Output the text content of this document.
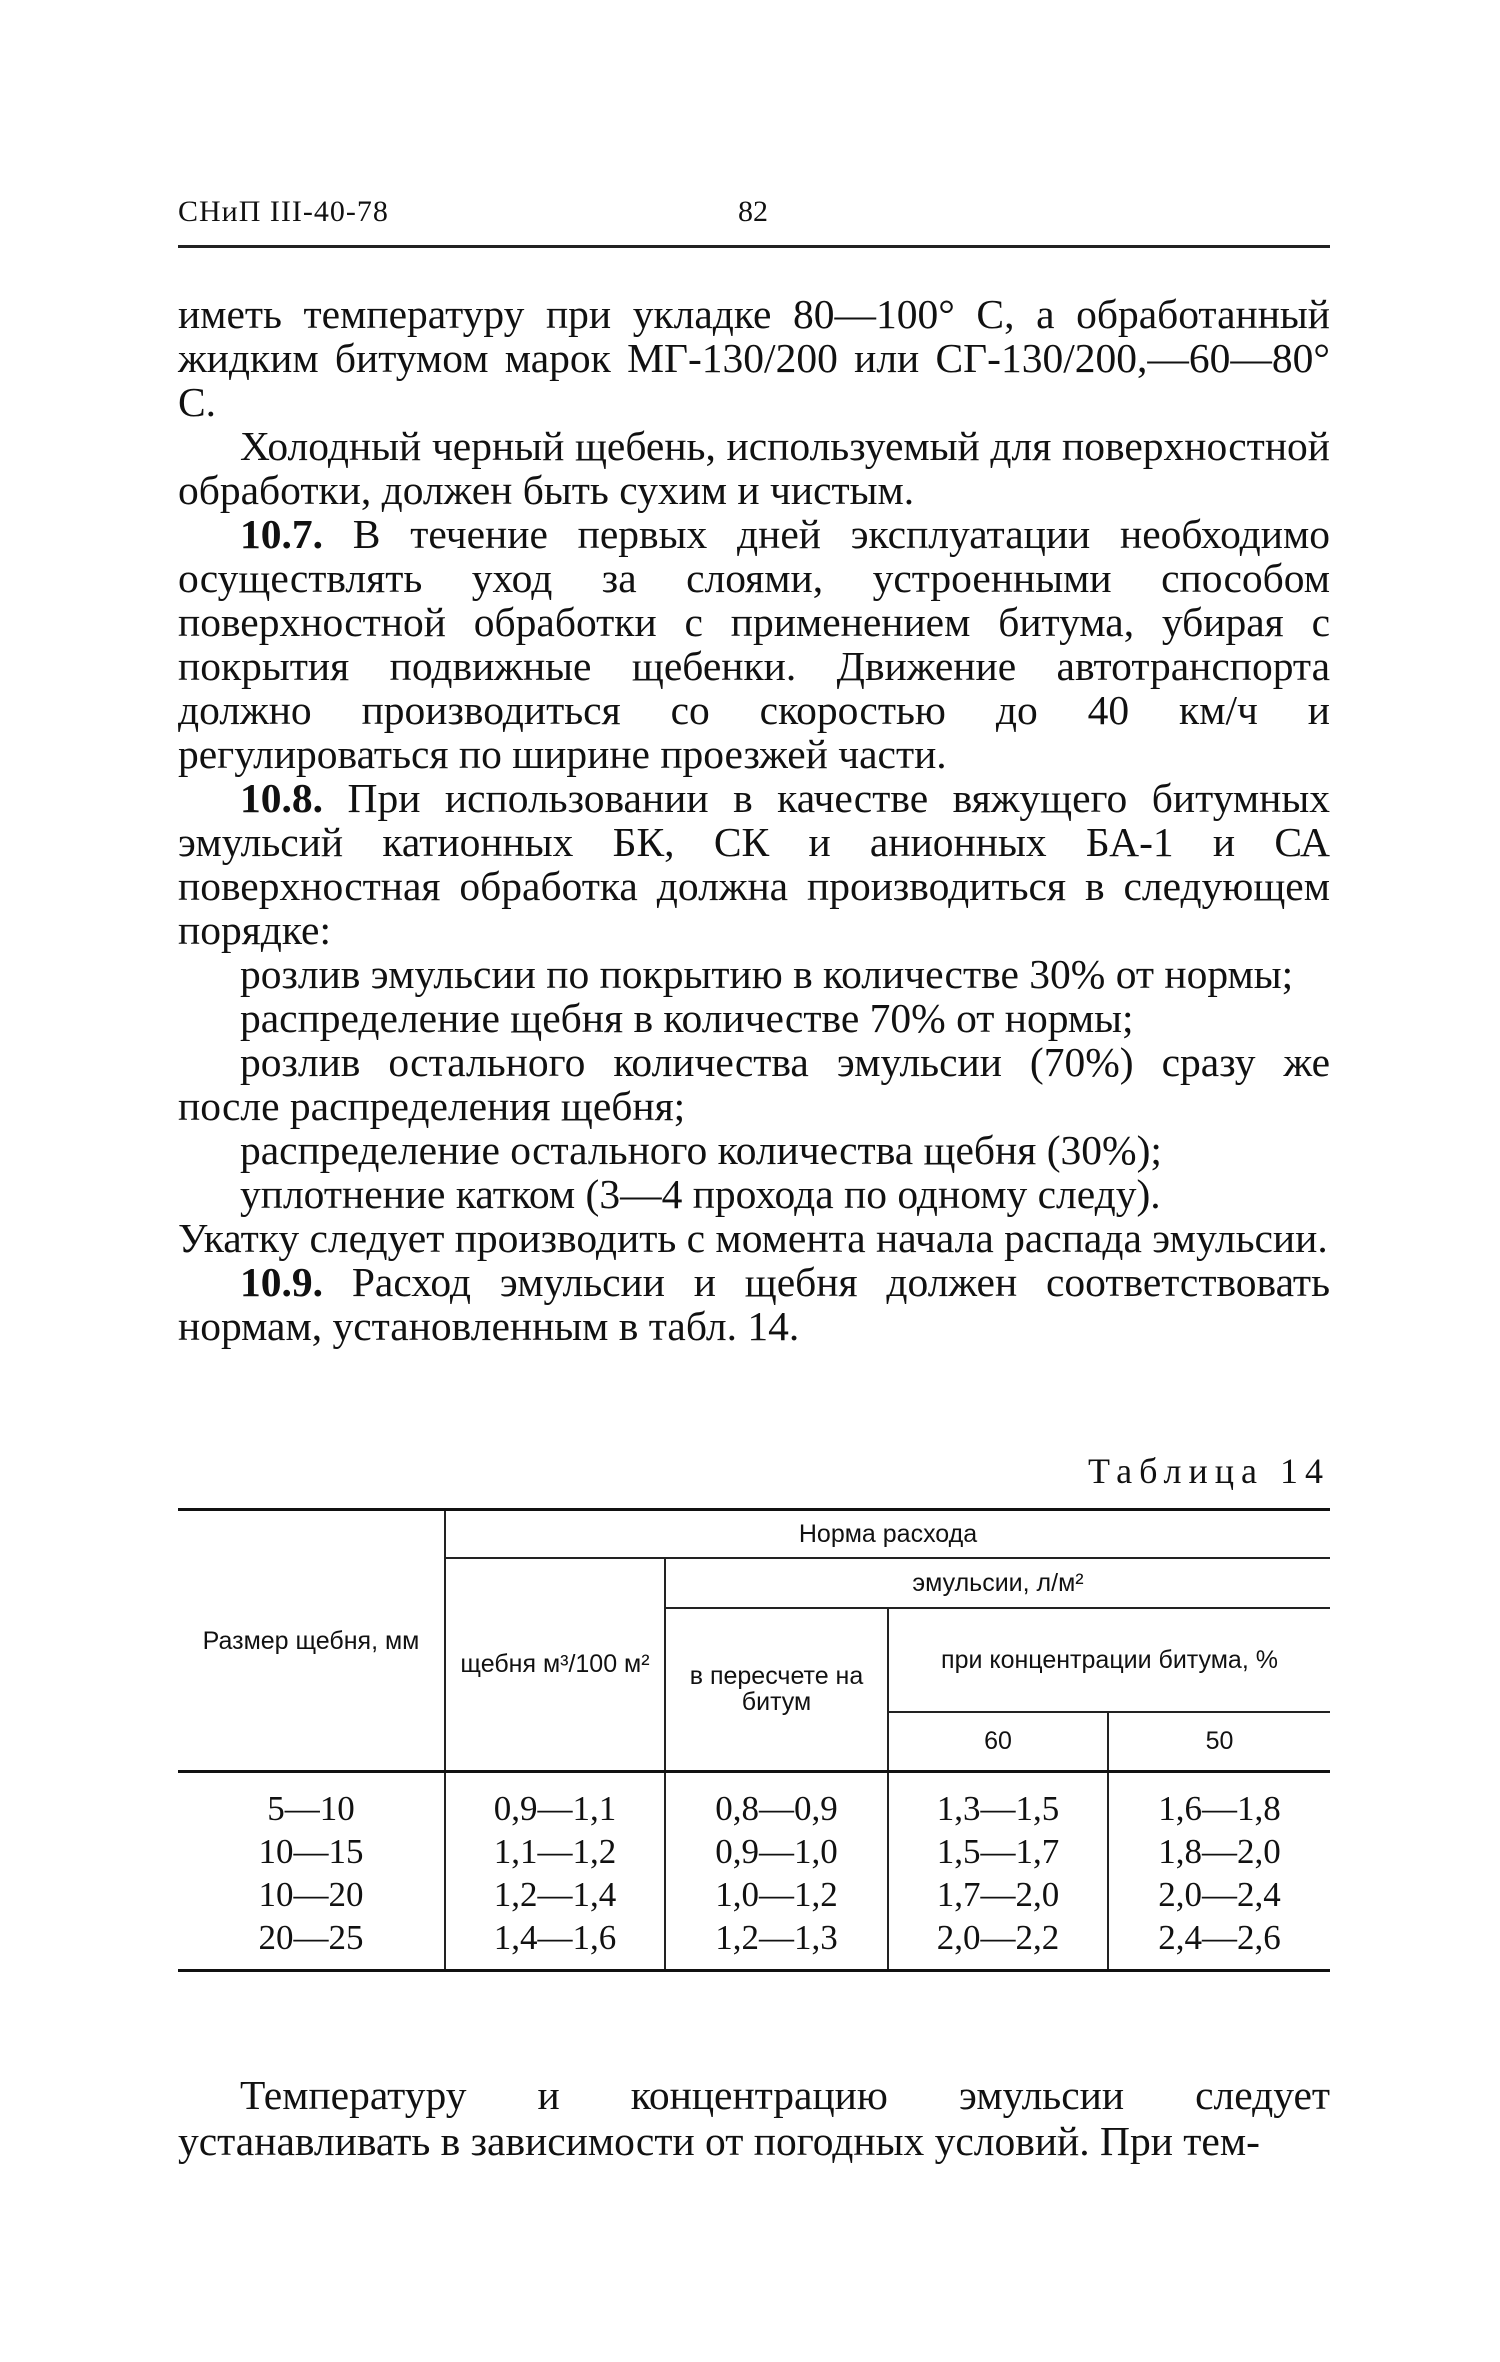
СНиП III-40-78	82

иметь температуру при укладке 80—100° С, а обработанный жидким битумом марок МГ-130/200 или СГ-130/200,—60—80° С.

Холодный черный щебень, используемый для поверхностной обработки, должен быть сухим и чистым.

10.7. В течение первых дней эксплуатации необходимо осуществлять уход за слоями, устроенными способом поверхностной обработки с применением битума, убирая с покрытия подвижные щебенки. Движение автотранспорта должно производиться со скоростью до 40 км/ч и регулироваться по ширине проезжей части.

10.8. При использовании в качестве вяжущего битумных эмульсий катионных БК, СК и анионных БА-1 и СА поверхностная обработка должна производиться в следующем порядке:

розлив эмульсии по покрытию в количестве 30% от нормы;

распределение щебня в количестве 70% от нормы;

розлив остального количества эмульсии (70%) сразу же после распределения щебня;

распределение остального количества щебня (30%);

уплотнение катком (3—4 прохода по одному следу).

Укатку следует производить с момента начала распада эмульсии.

10.9. Расход эмульсии и щебня должен соответствовать нормам, установленным в табл. 14.

Таблица 14
Размер щебня, мм	Норма расхода			
	щебня м³/100 м²	эмульсии, л/м²		
		в пересчете на битум	при концентрации битума, %	
			60	50
5—10	0,9—1,1	0,8—0,9	1,3—1,5	1,6—1,8
10—15	1,1—1,2	0,9—1,0	1,5—1,7	1,8—2,0
10—20	1,2—1,4	1,0—1,2	1,7—2,0	2,0—2,4
20—25	1,4—1,6	1,2—1,3	2,0—2,2	2,4—2,6

Температуру и концентрацию эмульсии следует устанавливать в зависимости от погодных условий. При тем-
